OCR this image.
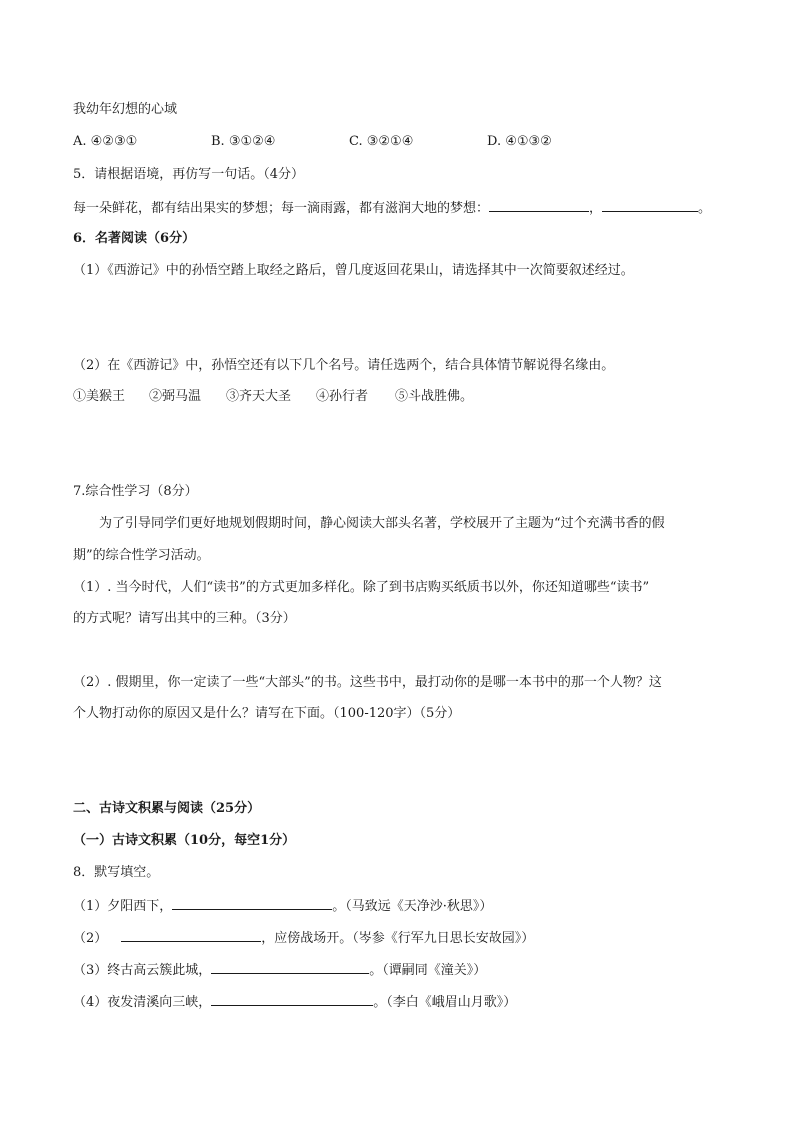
我幼年幻想的心域
A. ④②③①	B. ③①②④	C. ③②①④	D. ④①③②
5．请根据语境，再仿写一句话。（4分）
每一朵鲜花，都有结出果实的梦想；每一滴雨露，都有滋润大地的梦想：	，	。
6．名著阅读（6分）
（1）《西游记》中的孙悟空踏上取经之路后，曾几度返回花果山，请选择其中一次简要叙述经过。
（2）在《西游记》中，孙悟空还有以下几个名号。请任选两个，结合具体情节解说得名缘由。
①美猴王 ②弼马温 ③齐天大圣 ④孙行者 ⑤斗战胜佛。
7.综合性学习（8分）
为了引导同学们更好地规划假期时间，静心阅读大部头名著，学校展开了主题为“过个充满书香的假
期”的综合性学习活动。
（1）. 当今时代，人们“读书”的方式更加多样化。除了到书店购买纸质书以外，你还知道哪些“读书”
的方式呢？请写出其中的三种。（3分）
（2）. 假期里，你一定读了一些“大部头”的书。这些书中，最打动你的是哪一本书中的那一个人物？这
个人物打动你的原因又是什么？请写在下面。（100-120字）（5分）
二、古诗文积累与阅读（25分）
（一）古诗文积累（10分，每空1分）
8．默写填空。
（1）夕阳西下，	。（马致远《天净沙·秋思》）
（2）	，应傍战场开。（岑参《行军九日思长安故园》）
（3）终古高云簇此城，	。（谭嗣同《潼关》）
（4）夜发清溪向三峡，	。（李白《峨眉山月歌》）
